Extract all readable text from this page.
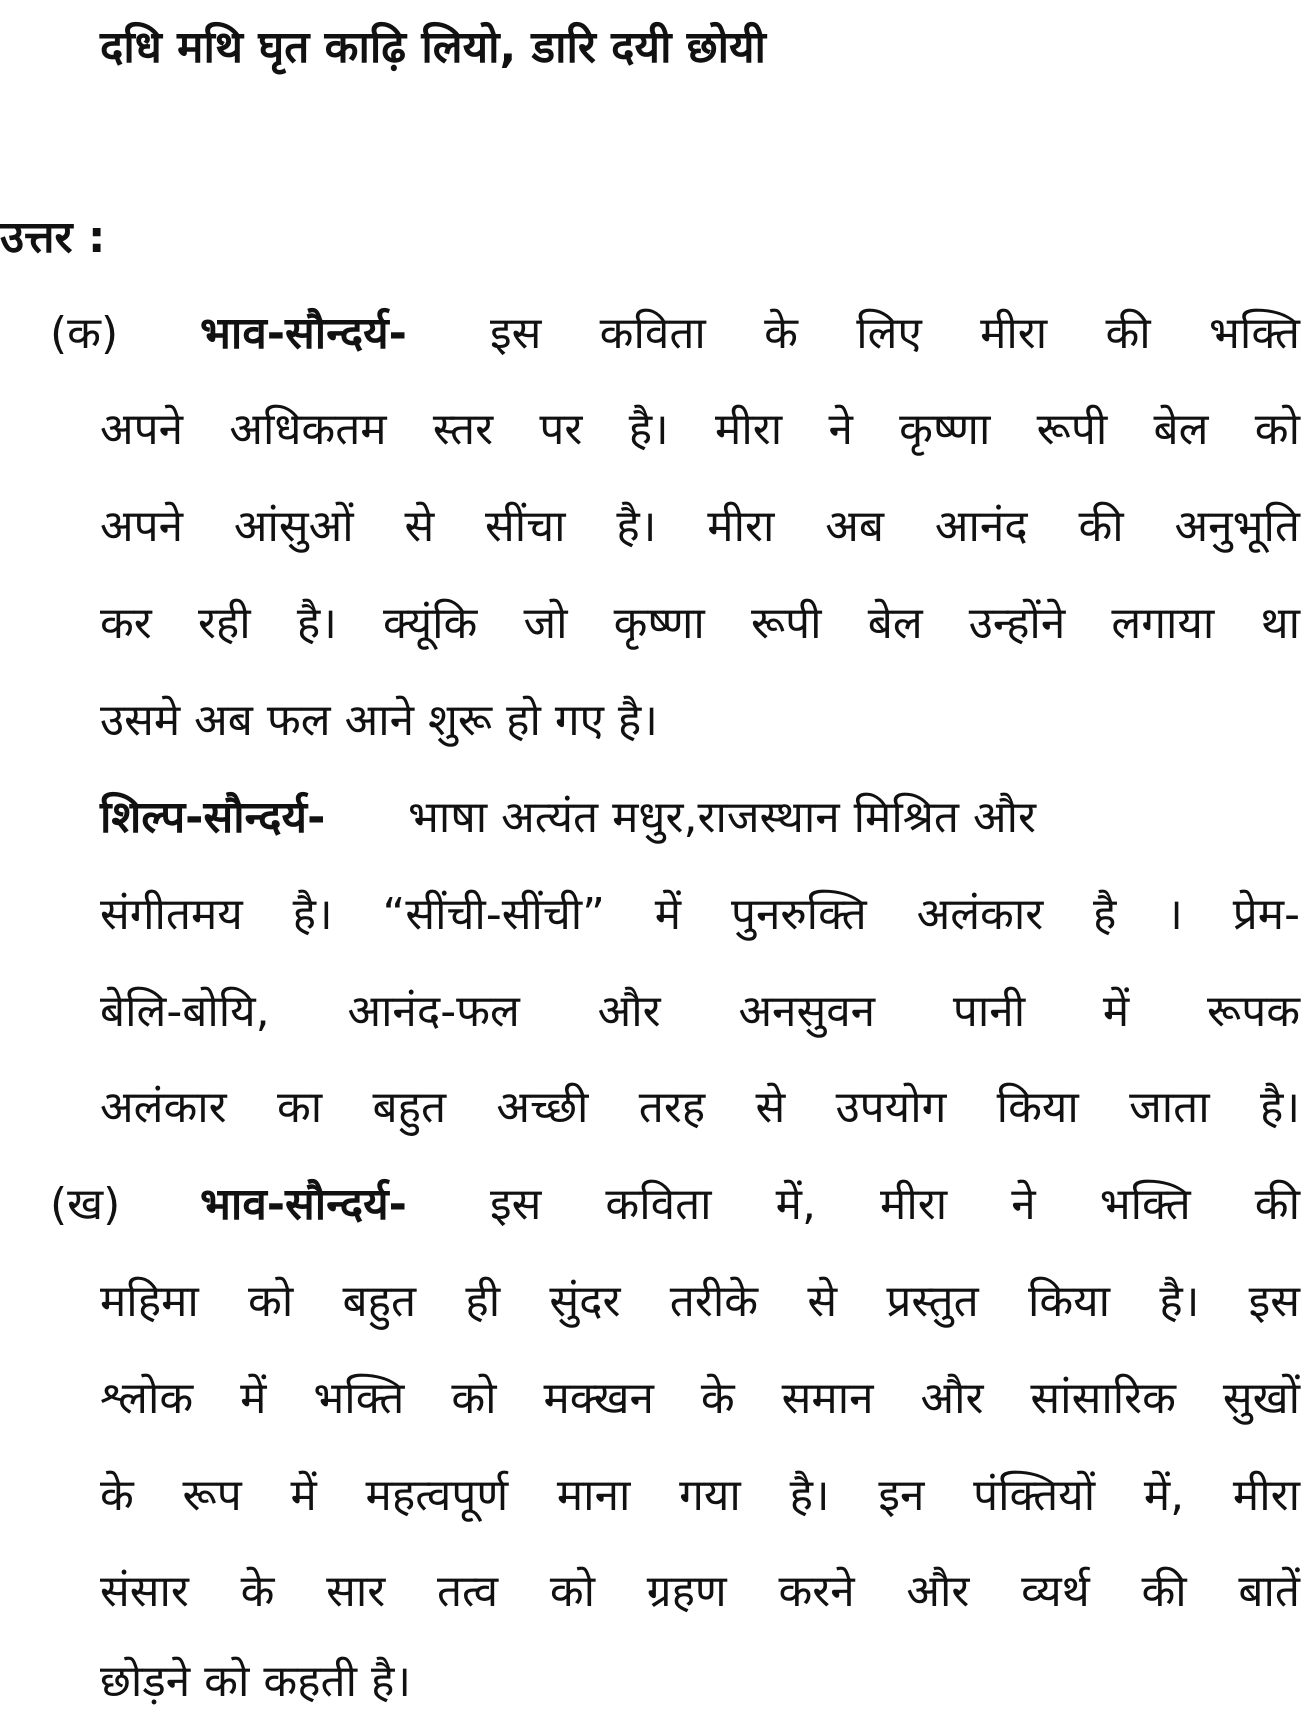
दधि मथि घृत काढ़ि लियो, डारि दयी छोयी
उत्तर :
(क) भाव-सौन्दर्य- इस कविता के लिए मीरा की भक्ति
अपने अधिकतम स्तर पर है। मीरा ने कृष्णा रूपी बेल को
अपने आंसुओं से सींचा है। मीरा अब आनंद की अनुभूति
कर रही है। क्यूंकि जो कृष्णा रूपी बेल उन्होंने लगाया था
उसमे अब फल आने शुरू हो गए है।
शिल्प-सौन्दर्य- भाषा अत्यंत मधुर,राजस्थान मिश्रित और
संगीतमय है। “सींची-सींची” में पुनरुक्ति अलंकार है । प्रेम-
बेलि-बोयि, आनंद-फल और अनसुवन पानी में रूपक
अलंकार का बहुत अच्छी तरह से उपयोग किया जाता है।
(ख) भाव-सौन्दर्य- इस कविता में, मीरा ने भक्ति की
महिमा को बहुत ही सुंदर तरीके से प्रस्तुत किया है। इस
श्लोक में भक्ति को मक्खन के समान और सांसारिक सुखों
के रूप में महत्वपूर्ण माना गया है। इन पंक्तियों में, मीरा
संसार के सार तत्व को ग्रहण करने और व्यर्थ की बातें
छोड़ने को कहती है।
